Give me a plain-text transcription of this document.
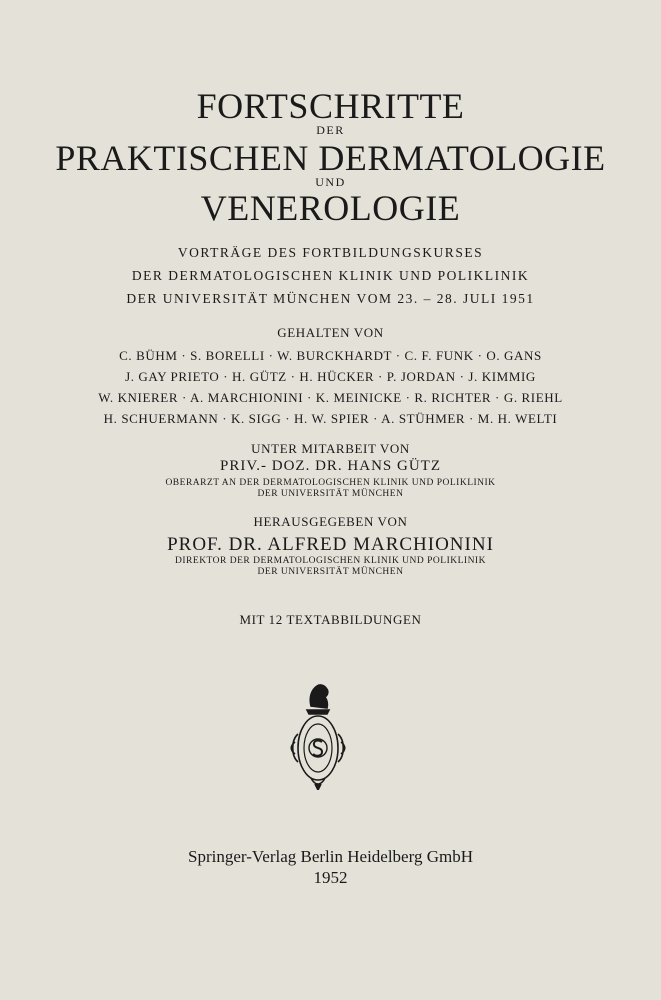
FORTSCHRITTE
DER
PRAKTISCHEN DERMATOLOGIE
UND
VENEROLOGIE
VORTRÄGE DES FORTBILDUNGSKURSES
DER DERMATOLOGISCHEN KLINIK UND POLIKLINIK
DER UNIVERSITÄT MÜNCHEN VOM 23. – 28. JULI 1951
GEHALTEN VON
C. BÜHM · S. BORELLI · W. BURCKHARDT · C. F. FUNK · O. GANS
J. GAY PRIETO · H. GÜTZ · H. HÜCKER · P. JORDAN · J. KIMMIG
W. KNIERER · A. MARCHIONINI · K. MEINICKE · R. RICHTER · G. RIEHL
H. SCHUERMANN · K. SIGG · H. W. SPIER · A. STÜHMER · M. H. WELTI
UNTER MITARBEIT VON
PRIV.- DOZ. DR. HANS GÜTZ
OBERARZT AN DER DERMATOLOGISCHEN KLINIK UND POLIKLINIK
DER UNIVERSITÄT MÜNCHEN
HERAUSGEGEBEN VON
PROF. DR. ALFRED MARCHIONINI
DIREKTOR DER DERMATOLOGISCHEN KLINIK UND POLIKLINIK
DER UNIVERSITÄT MÜNCHEN
MIT 12 TEXTABBILDUNGEN
Springer-Verlag Berlin Heidelberg GmbH
1952
